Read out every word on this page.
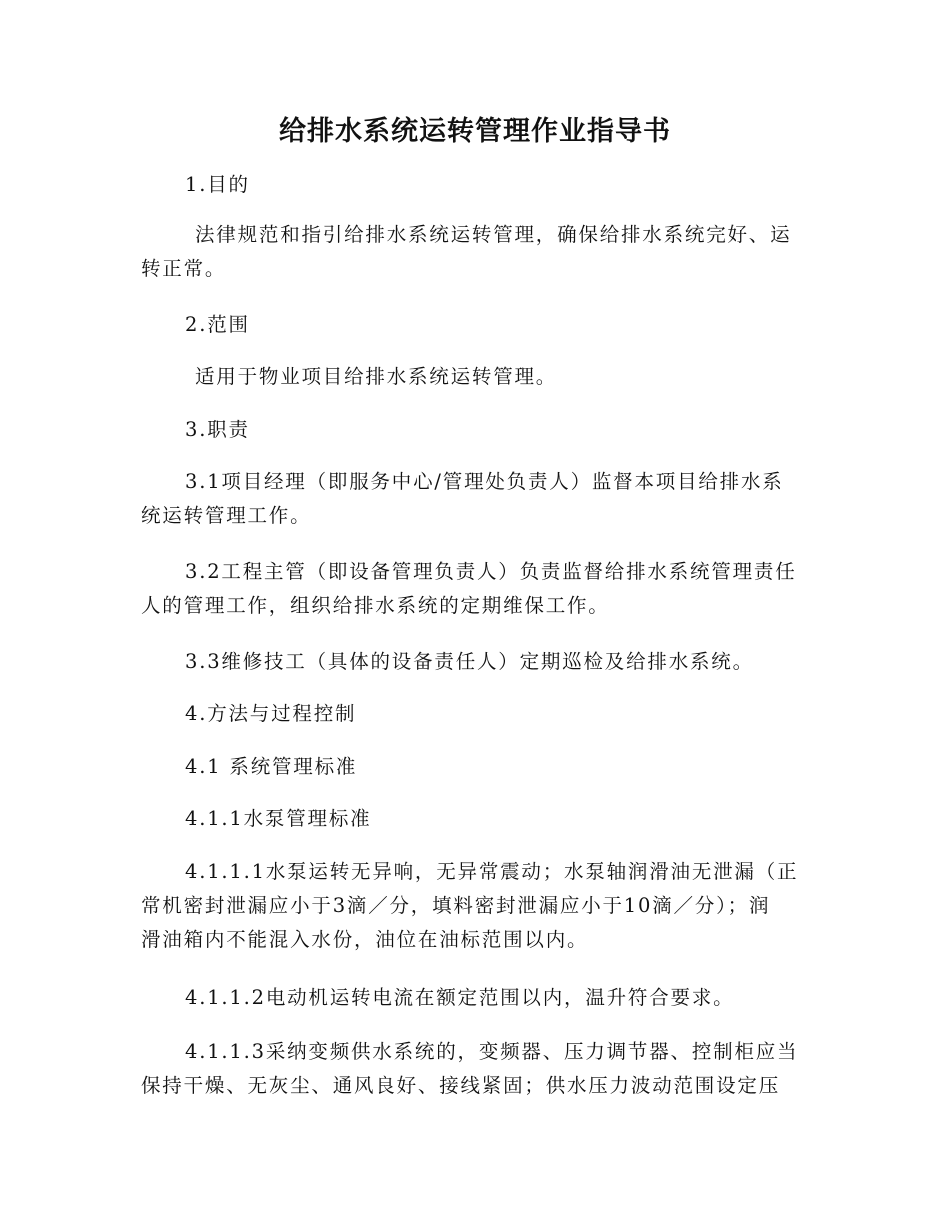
给排水系统运转管理作业指导书
1.目的
法律规范和指引给排水系统运转管理，确保给排水系统完好、运
转正常。
2.范围
适用于物业项目给排水系统运转管理。
3.职责
3.1项目经理（即服务中心/管理处负责人）监督本项目给排水系
统运转管理工作。
3.2工程主管（即设备管理负责人）负责监督给排水系统管理责任
人的管理工作，组织给排水系统的定期维保工作。
3.3维修技工（具体的设备责任人）定期巡检及给排水系统。
4.方法与过程控制
4.1 系统管理标准
4.1.1水泵管理标准
4.1.1.1水泵运转无异响，无异常震动；水泵轴润滑油无泄漏（正
常机密封泄漏应小于3滴／分，填料密封泄漏应小于10滴／分）；润
滑油箱内不能混入水份，油位在油标范围以内。
4.1.1.2电动机运转电流在额定范围以内，温升符合要求。
4.1.1.3采纳变频供水系统的，变频器、压力调节器、控制柜应当
保持干燥、无灰尘、通风良好、接线紧固；供水压力波动范围设定压
